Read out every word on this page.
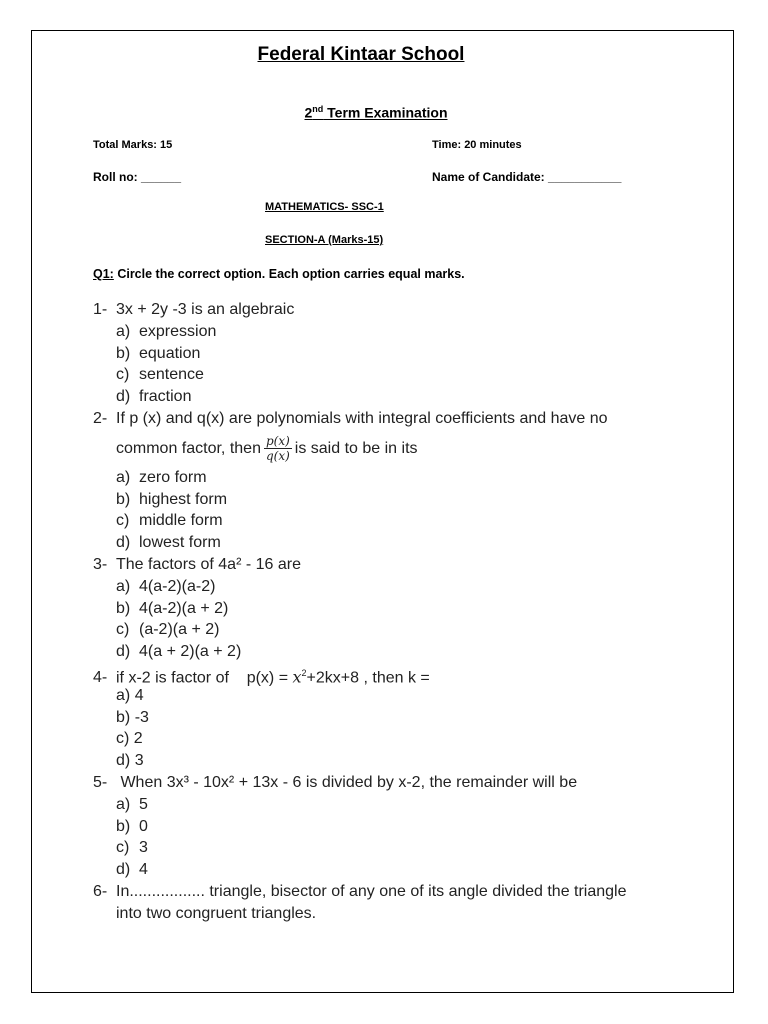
Federal Kintaar School
2nd Term Examination
Total Marks: 15	Time: 20 minutes
Roll no: ______	Name of Candidate: ___________
MATHEMATICS- SSC-1
SECTION-A (Marks-15)
Q1: Circle the correct option. Each option carries equal marks.
1- 3x + 2y -3 is an algebraic
a) expression
b) equation
c) sentence
d) fraction
2- If p (x) and q(x) are polynomials with integral coefficients and have no
common factor, then $\frac{p(x)}{q(x)}$ is said to be in its
a) zero form
b) highest form
c) middle form
d) lowest form
3- The factors of 4a² - 16 are
a) 4(a-2)(a-2)
b) 4(a-2)(a + 2)
c) (a-2)(a + 2)
d) 4(a + 2)(a + 2)
4- if x-2 is factor of    $p(x) = x^2+2kx+8$ , then k =
a) 4
b) -3
c) 2
d) 3
5- When 3x³ - 10x² + 13x - 6 is divided by x-2, the remainder will be
a) 5
b) 0
c) 3
d) 4
6- In................. triangle, bisector of any one of its angle divided the triangle
into two congruent triangles.
